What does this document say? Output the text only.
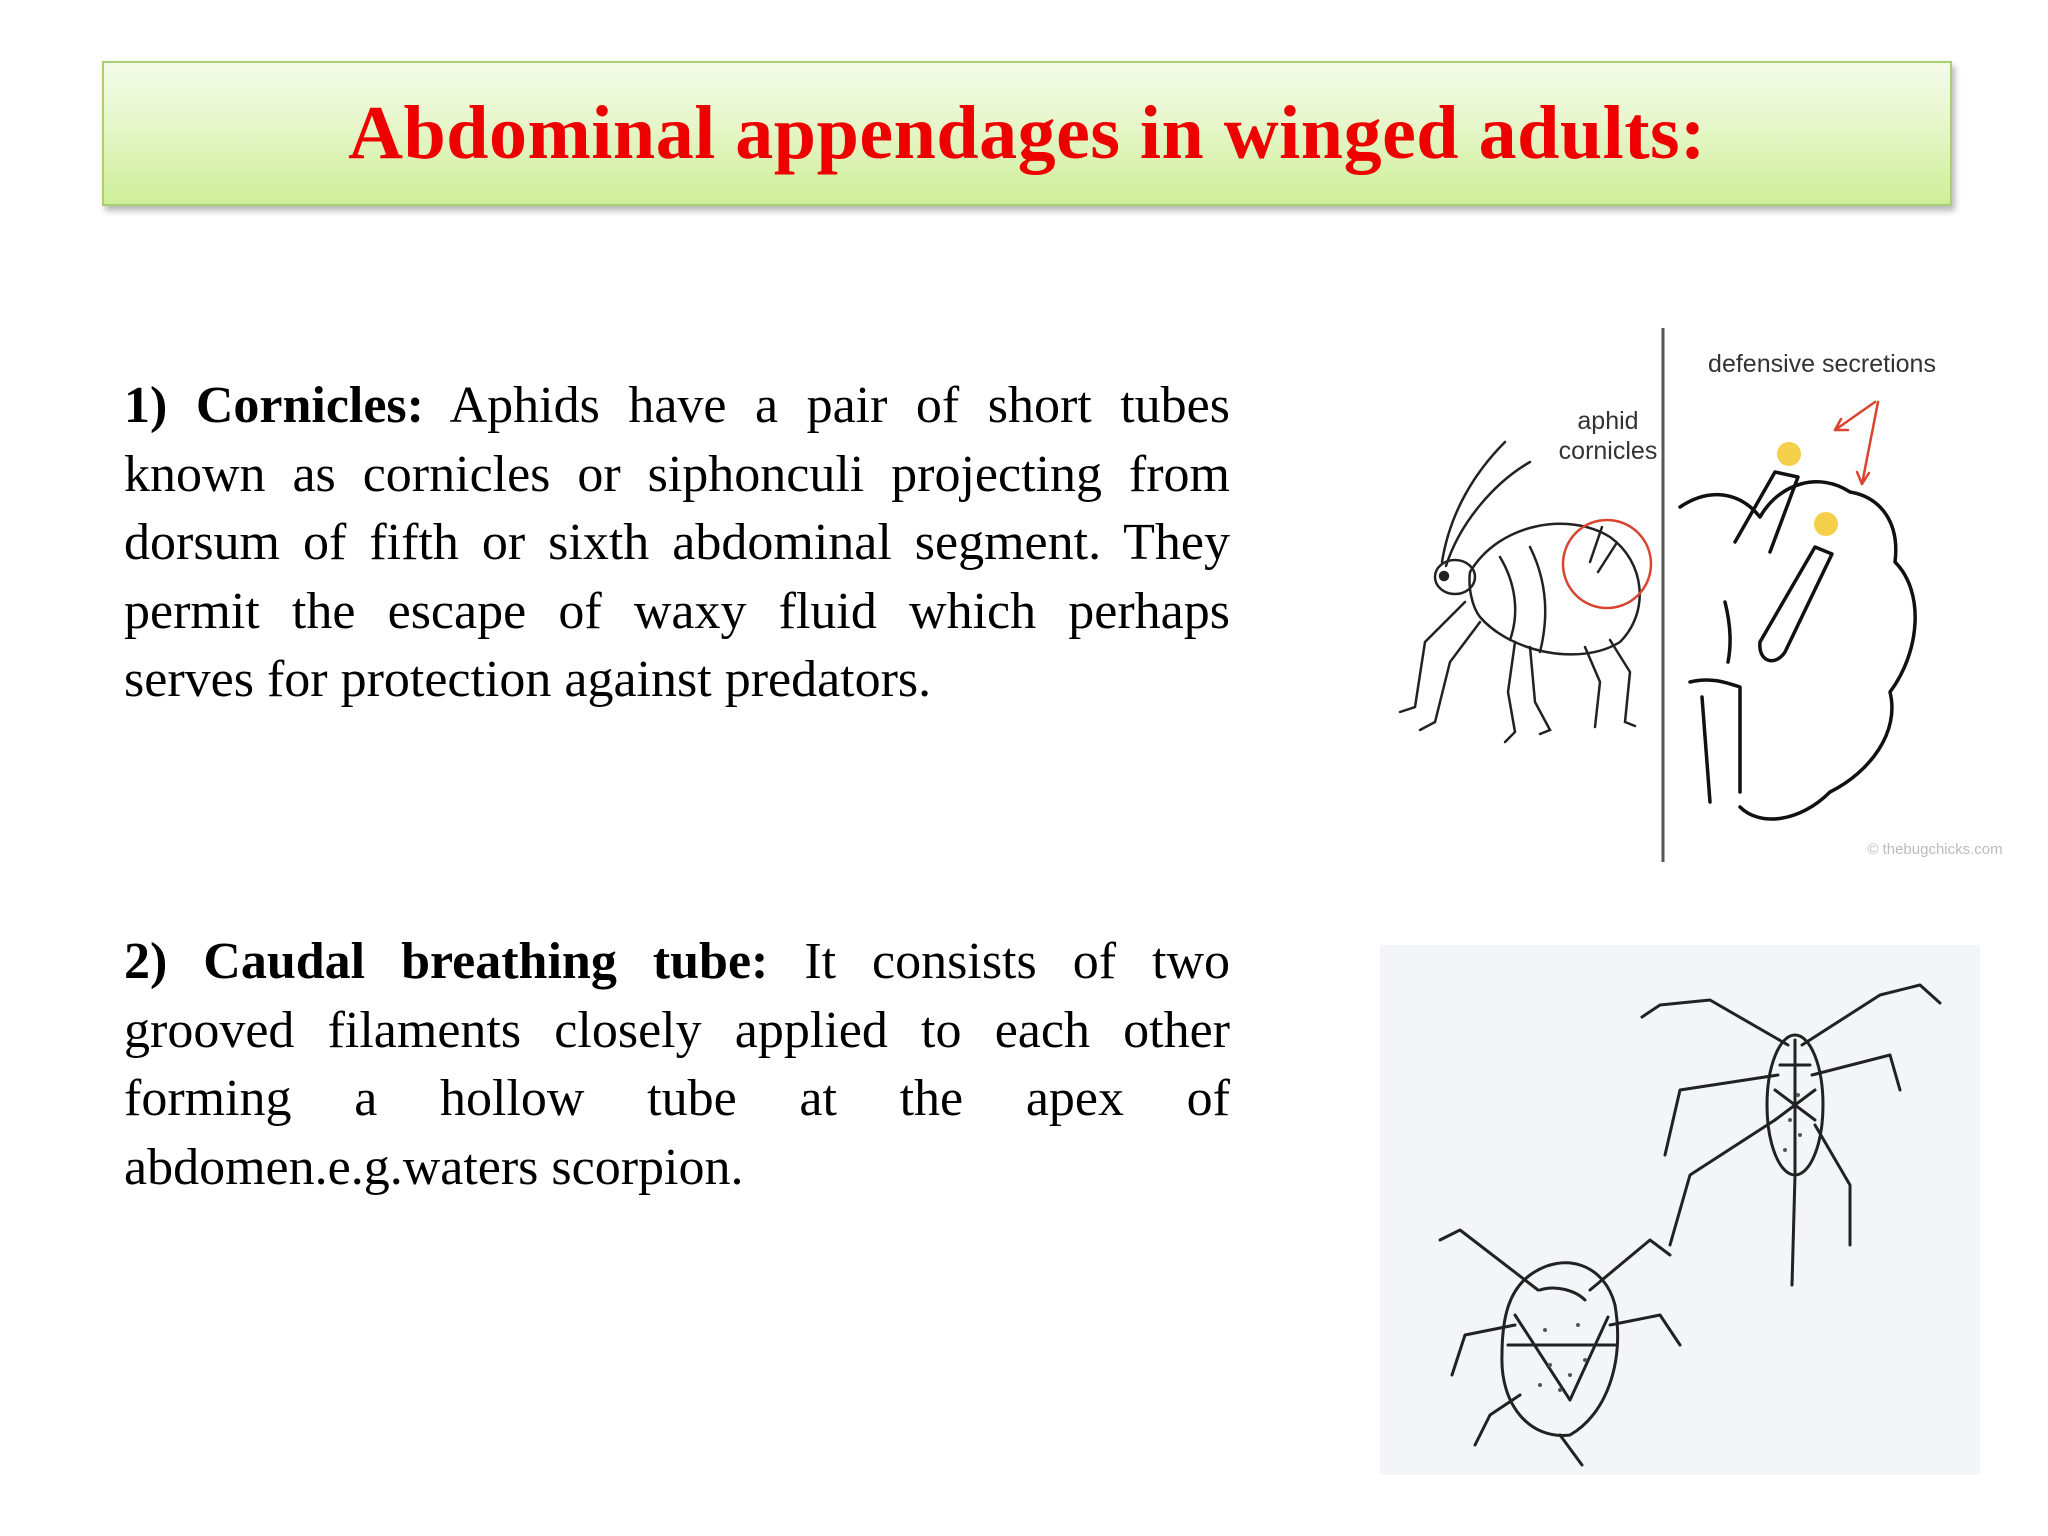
Abdominal appendages in winged adults:

1) Cornicles: Aphids have a pair of short tubes known as cornicles or siphonculi projecting from dorsum of fifth or sixth abdominal segment. They permit the escape of waxy fluid which perhaps serves for protection against predators.

2) Caudal breathing tube: It consists of two grooved filaments closely applied to each other forming a hollow tube at the apex of abdomen.e.g.waters scorpion.

aphid
cornicles
defensive secretions
© thebugchicks.com
